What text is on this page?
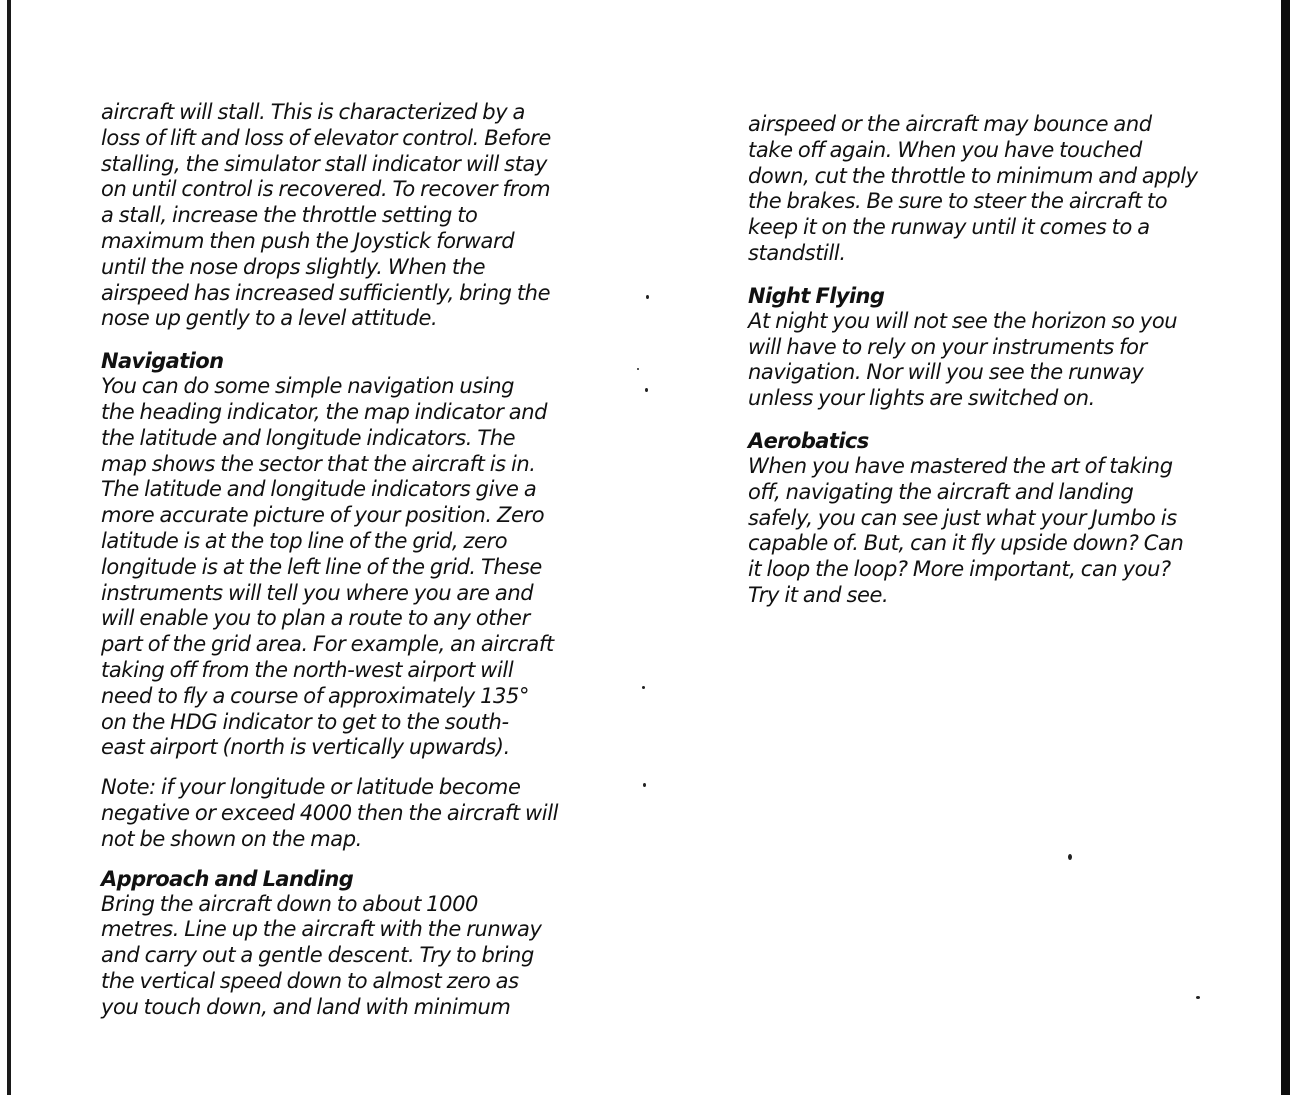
aircraft will stall. This is characterized by a
loss of lift and loss of elevator control. Before
stalling, the simulator stall indicator will stay
on until control is recovered. To recover from
a stall, increase the throttle setting to
maximum then push the Joystick forward
until the nose drops slightly. When the
airspeed has increased sufficiently, bring the
nose up gently to a level attitude.

Navigation

You can do some simple navigation using
the heading indicator, the map indicator and
the latitude and longitude indicators. The
map shows the sector that the aircraft is in.
The latitude and longitude indicators give a
more accurate picture of your position. Zero
latitude is at the top line of the grid, zero
longitude is at the left line of the grid. These
instruments will tell you where you are and
will enable you to plan a route to any other
part of the grid area. For example, an aircraft
taking off from the north-west airport will
need to fly a course of approximately 135°
on the HDG indicator to get to the south-
east airport (north is vertically upwards).

Note: if your longitude or latitude become
negative or exceed 4000 then the aircraft will
not be shown on the map.

Approach and Landing

Bring the aircraft down to about 1000
metres. Line up the aircraft with the runway
and carry out a gentle descent. Try to bring
the vertical speed down to almost zero as
you touch down, and land with minimum

airspeed or the aircraft may bounce and
take off again. When you have touched
down, cut the throttle to minimum and apply
the brakes. Be sure to steer the aircraft to
keep it on the runway until it comes to a
standstill.

Night Flying

At night you will not see the horizon so you
will have to rely on your instruments for
navigation. Nor will you see the runway
unless your lights are switched on.

Aerobatics

When you have mastered the art of taking
off, navigating the aircraft and landing
safely, you can see just what your Jumbo is
capable of. But, can it fly upside down? Can
it loop the loop? More important, can you?
Try it and see.
